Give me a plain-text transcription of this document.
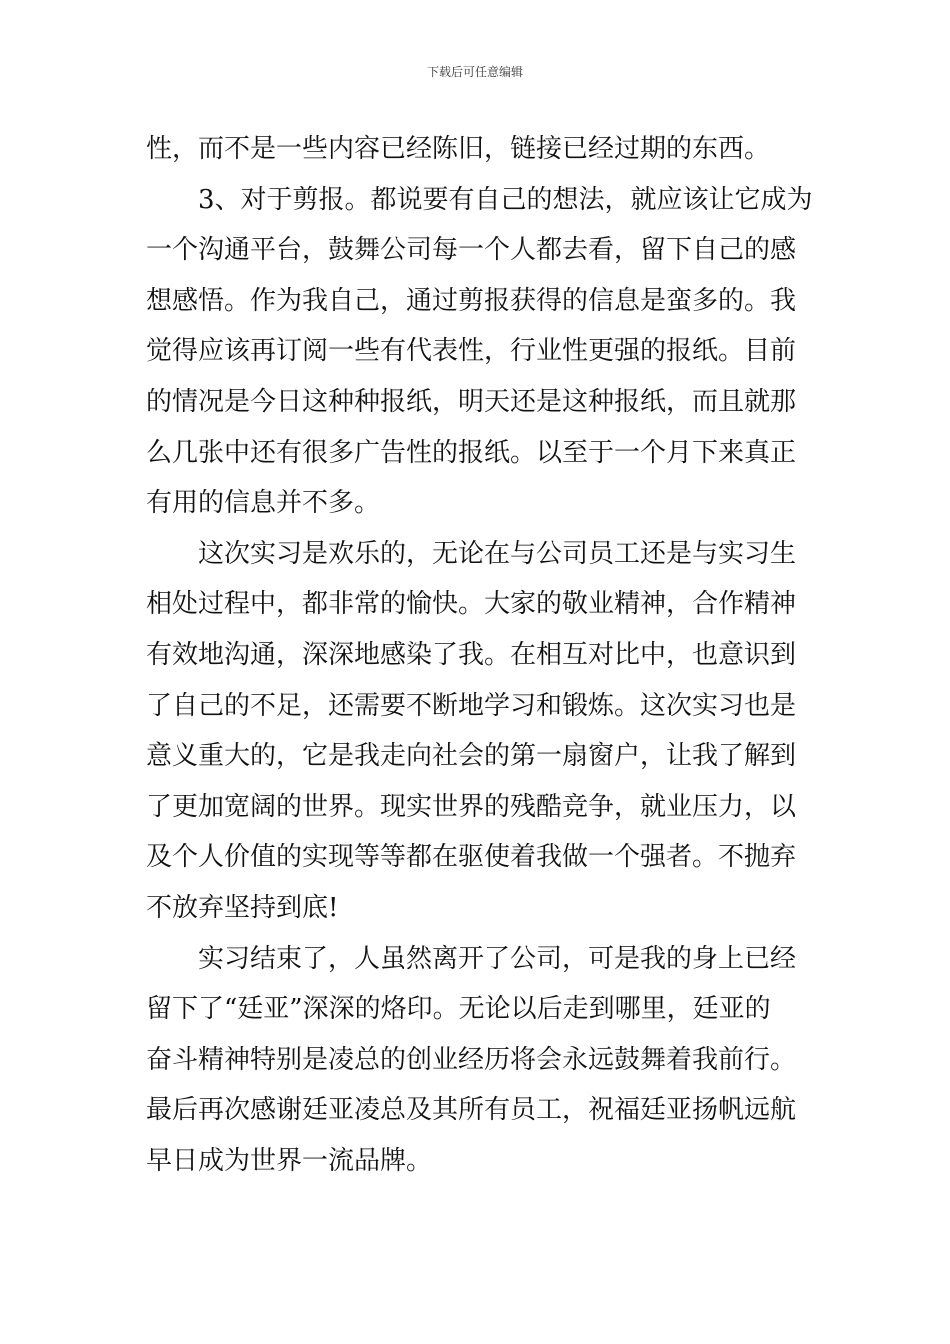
下载后可任意编辑
性，而不是一些内容已经陈旧，链接已经过期的东西。
3、对于剪报。都说要有自己的想法，就应该让它成为
一个沟通平台，鼓舞公司每一个人都去看，留下自己的感
想感悟。作为我自己，通过剪报获得的信息是蛮多的。我
觉得应该再订阅一些有代表性，行业性更强的报纸。目前
的情况是今日这种种报纸，明天还是这种报纸，而且就那
么几张中还有很多广告性的报纸。以至于一个月下来真正
有用的信息并不多。
这次实习是欢乐的，无论在与公司员工还是与实习生
相处过程中，都非常的愉快。大家的敬业精神，合作精神
有效地沟通，深深地感染了我。在相互对比中，也意识到
了自己的不足，还需要不断地学习和锻炼。这次实习也是
意义重大的，它是我走向社会的第一扇窗户，让我了解到
了更加宽阔的世界。现实世界的残酷竞争，就业压力，以
及个人价值的实现等等都在驱使着我做一个强者。不抛弃
不放弃坚持到底!
实习结束了，人虽然离开了公司，可是我的身上已经
留下了“廷亚”深深的烙印。无论以后走到哪里，廷亚的
奋斗精神特别是凌总的创业经历将会永远鼓舞着我前行。
最后再次感谢廷亚凌总及其所有员工，祝福廷亚扬帆远航
早日成为世界一流品牌。
